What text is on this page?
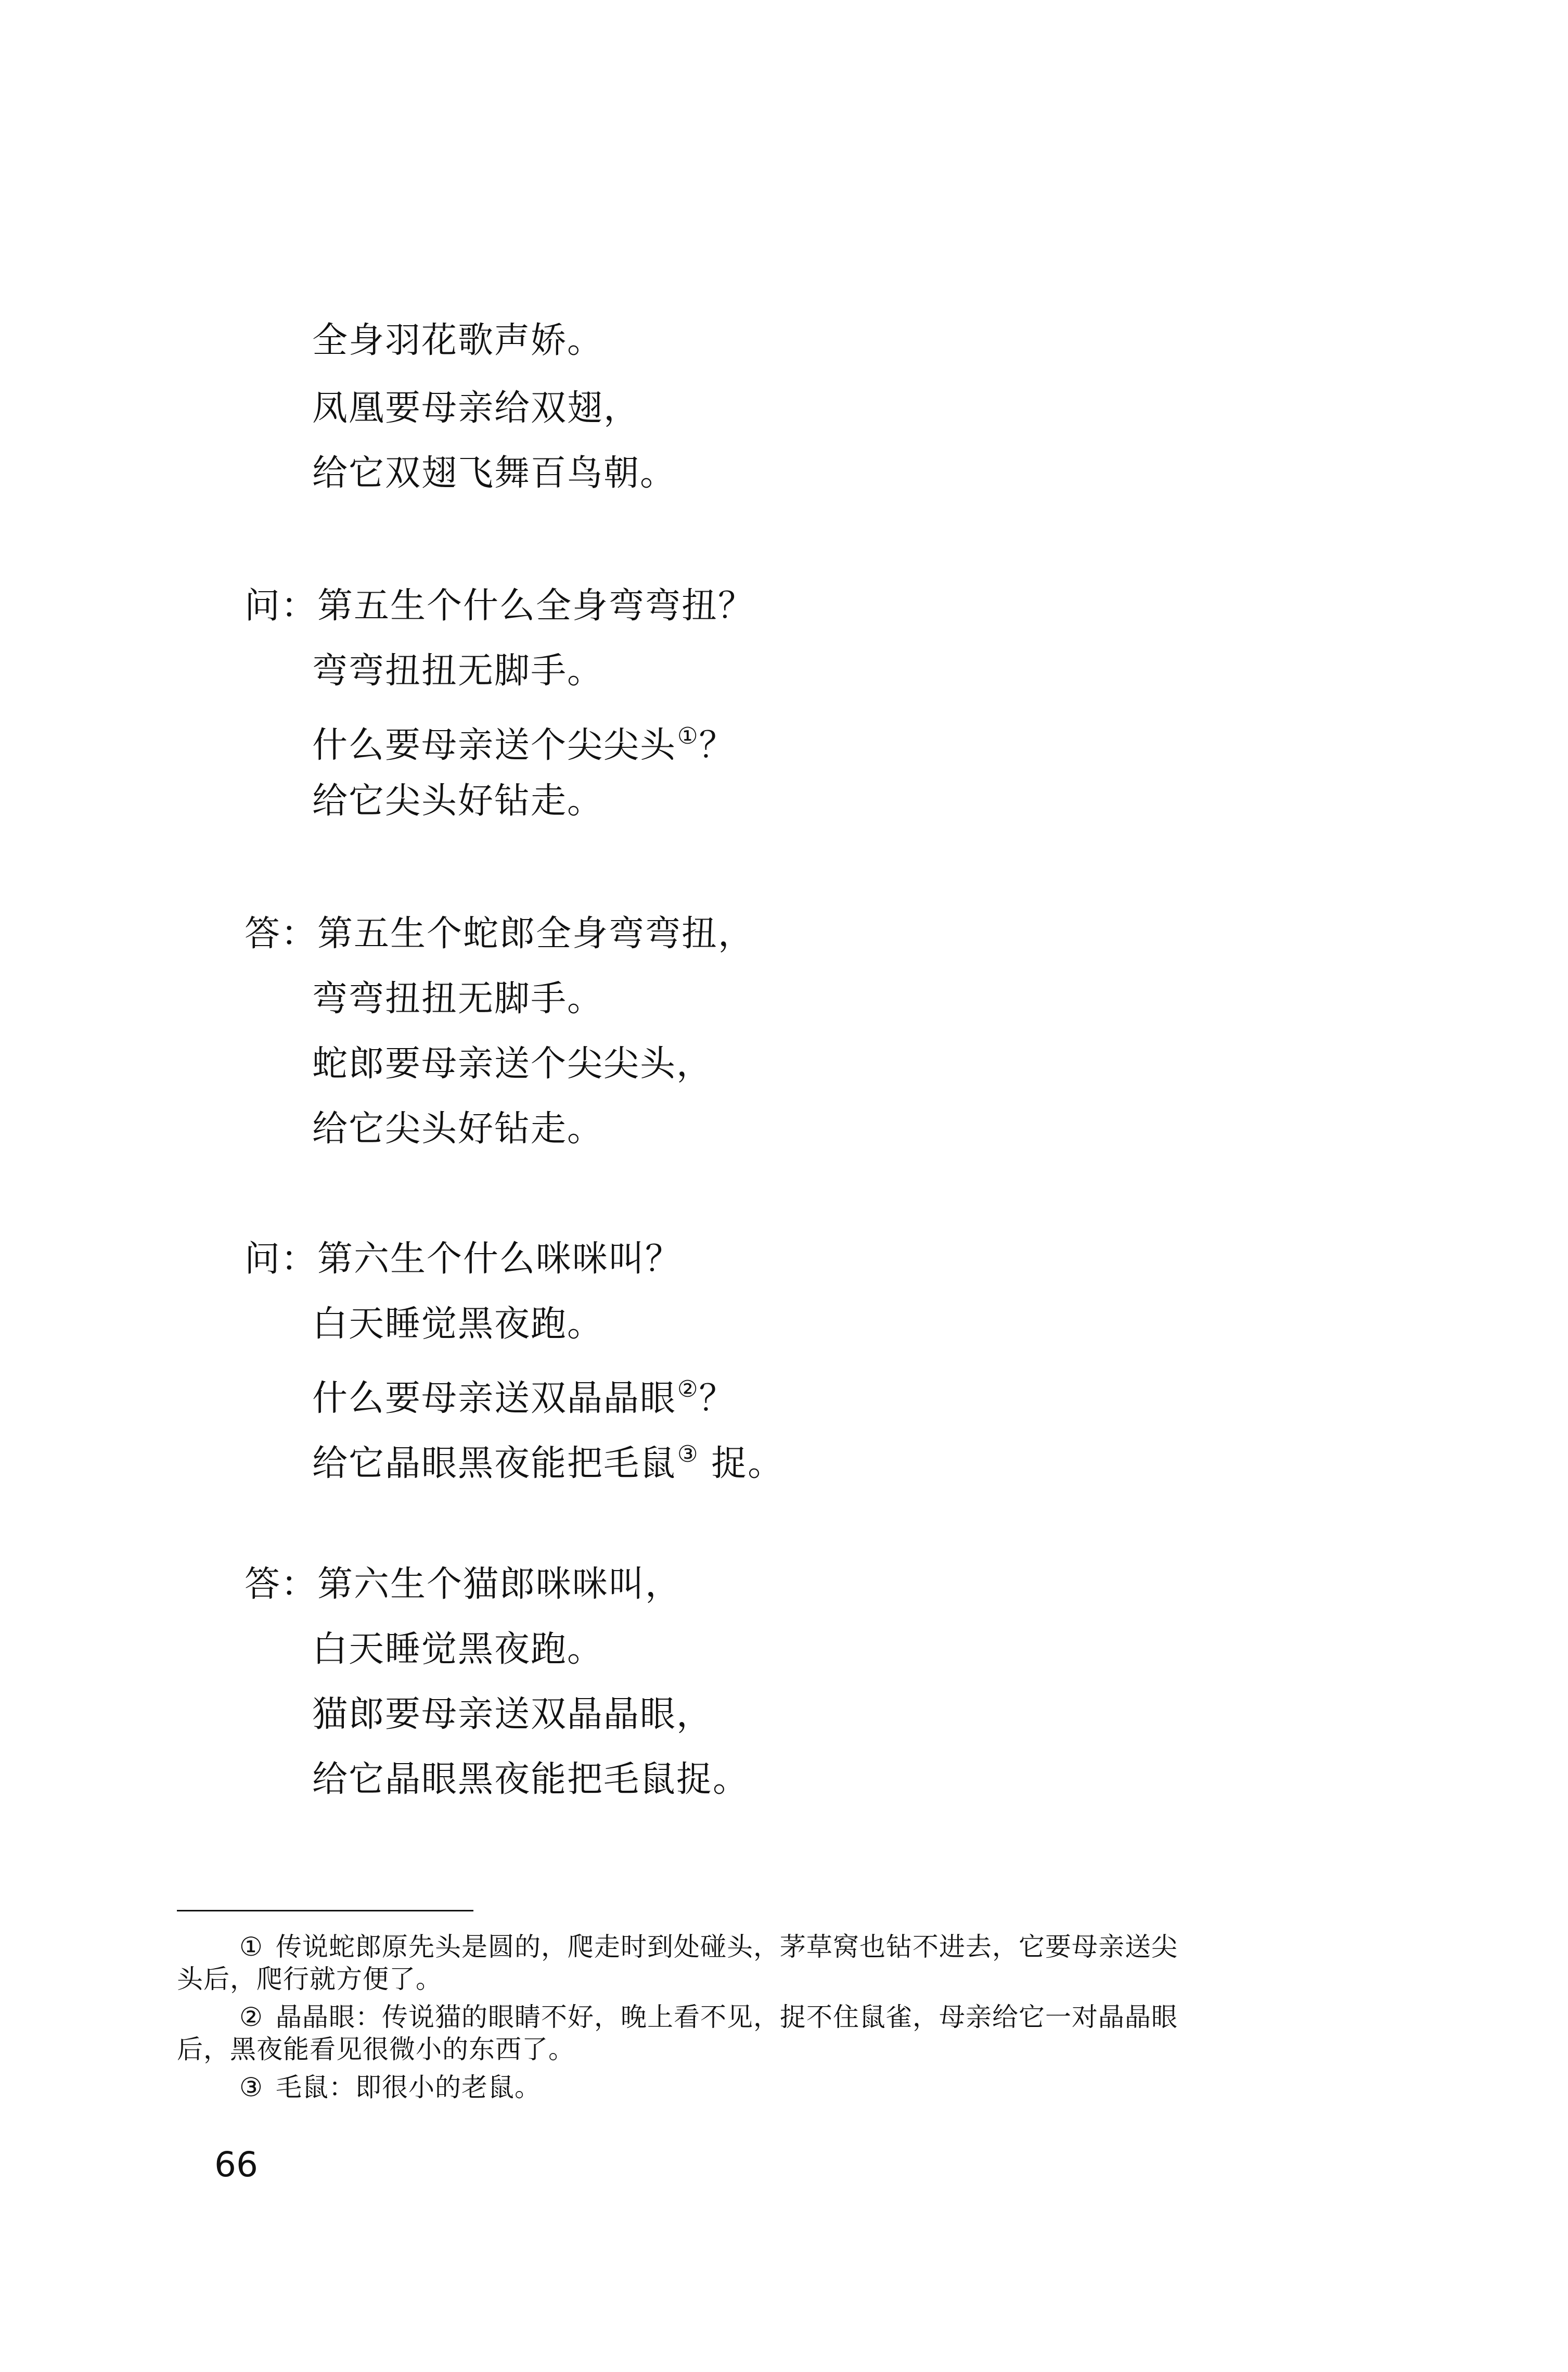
全身羽花歌声娇。
凤凰要母亲给双翅，
给它双翅飞舞百鸟朝。
问：第五生个什么全身弯弯扭？
弯弯扭扭无脚手。
什么要母亲送个尖尖头①？
给它尖头好钻走。
答：第五生个蛇郎全身弯弯扭，
弯弯扭扭无脚手。
蛇郎要母亲送个尖尖头，
给它尖头好钻走。
问：第六生个什么咪咪叫？
白天睡觉黑夜跑。
什么要母亲送双晶晶眼②？
给它晶眼黑夜能把毛鼠③ 捉。
答：第六生个猫郎咪咪叫，
白天睡觉黑夜跑。
猫郎要母亲送双晶晶眼，
给它晶眼黑夜能把毛鼠捉。
① 传说蛇郎原先头是圆的，爬走时到处碰头，茅草窝也钻不进去，它要母亲送尖
头后，爬行就方便了。
② 晶晶眼：传说猫的眼睛不好，晚上看不见，捉不住鼠雀，母亲给它一对晶晶眼
后，黑夜能看见很微小的东西了。
③ 毛鼠：即很小的老鼠。
66
